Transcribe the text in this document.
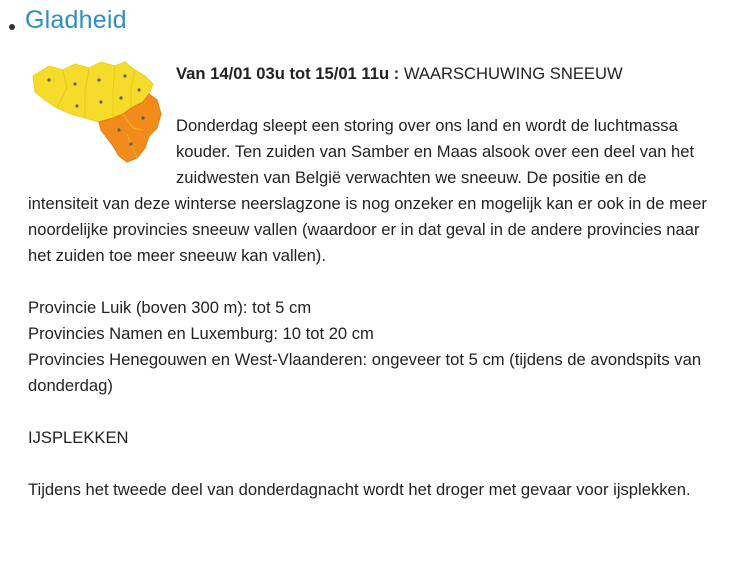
Gladheid

Van 14/01 03u tot 15/01 11u : WAARSCHUWING SNEEUW

Donderdag sleept een storing over ons land en wordt de luchtmassa kouder. Ten zuiden van Samber en Maas alsook over een deel van het zuidwesten van België verwachten we sneeuw. De positie en de intensiteit van deze winterse neerslagzone is nog onzeker en mogelijk kan er ook in de meer noordelijke provincies sneeuw vallen (waardoor er in dat geval in de andere provincies naar het zuiden toe meer sneeuw kan vallen).

Provincie Luik (boven 300 m): tot 5 cm

Provincies Namen en Luxemburg: 10 tot 20 cm

Provincies Henegouwen en West-Vlaanderen: ongeveer tot 5 cm (tijdens de avondspits van donderdag)

IJSPLEKKEN

Tijdens het tweede deel van donderdagnacht wordt het droger met gevaar voor ijsplekken.
